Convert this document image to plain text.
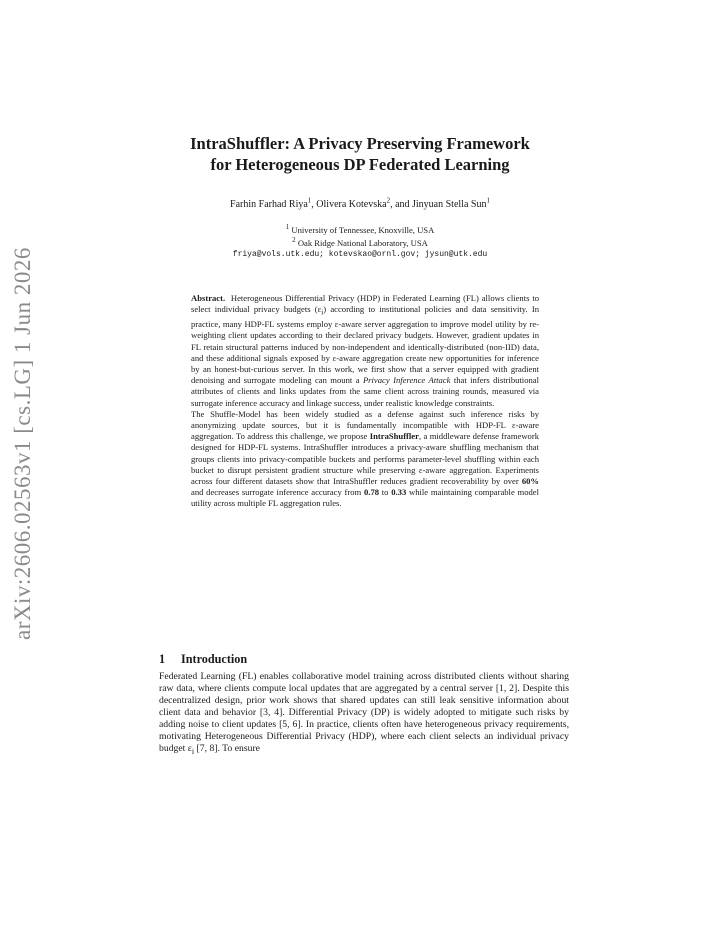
arXiv:2606.02563v1 [cs.LG] 1 Jun 2026
IntraShuffler: A Privacy Preserving Framework
for Heterogeneous DP Federated Learning
Farhin Farhad Riya$^1$, Olivera Kotevska$^2$, and Jinyuan Stella Sun$^1$
$^1$ University of Tennessee, Knoxville, USA
$^2$ Oak Ridge National Laboratory, USA
friya@vols.utk.edu; kotevskao@ornl.gov; jysun@utk.edu

Abstract. Heterogeneous Differential Privacy (HDP) in Federated Learning (FL) allows clients to select individual privacy budgets $(\varepsilon_i)$ according to institutional policies and data sensitivity. In practice, many HDP-FL systems employ ε-aware server aggregation to improve model utility by re-weighting client updates according to their declared privacy budgets. However, gradient updates in FL retain structural patterns induced by non-independent and identically-distributed (non-IID) data, and these additional signals exposed by ε-aware aggregation create new opportunities for inference by an honest-but-curious server. In this work, we first show that a server equipped with gradient denoising and surrogate modeling can mount a Privacy Inference Attack that infers distributional attributes of clients and links updates from the same client across training rounds, measured via surrogate inference accuracy and linkage success, under realistic knowledge constraints.

The Shuffle-Model has been widely studied as a defense against such inference risks by anonymizing update sources, but it is fundamentally incompatible with HDP-FL ε-aware aggregation. To address this challenge, we propose IntraShuffler, a middleware defense framework designed for HDP-FL systems. IntraShuffler introduces a privacy-aware shuffling mechanism that groups clients into privacy-compatible buckets and performs parameter-level shuffling within each bucket to disrupt persistent gradient structure while preserving ε-aware aggregation. Experiments across four different datasets show that IntraShuffler reduces gradient recoverability by over 60% and decreases surrogate inference accuracy from 0.78 to 0.33 while maintaining comparable model utility across multiple FL aggregation rules.

1 Introduction

Federated Learning (FL) enables collaborative model training across distributed clients without sharing raw data, where clients compute local updates that are aggregated by a central server [1, 2]. Despite this decentralized design, prior work shows that shared updates can still leak sensitive information about client data and behavior [3, 4]. Differential Privacy (DP) is widely adopted to mitigate such risks by adding noise to client updates [5, 6]. In practice, clients often have heterogeneous privacy requirements, motivating Heterogeneous Differential Privacy (HDP), where each client selects an individual privacy budget $\varepsilon_i$ [7, 8]. To ensure
